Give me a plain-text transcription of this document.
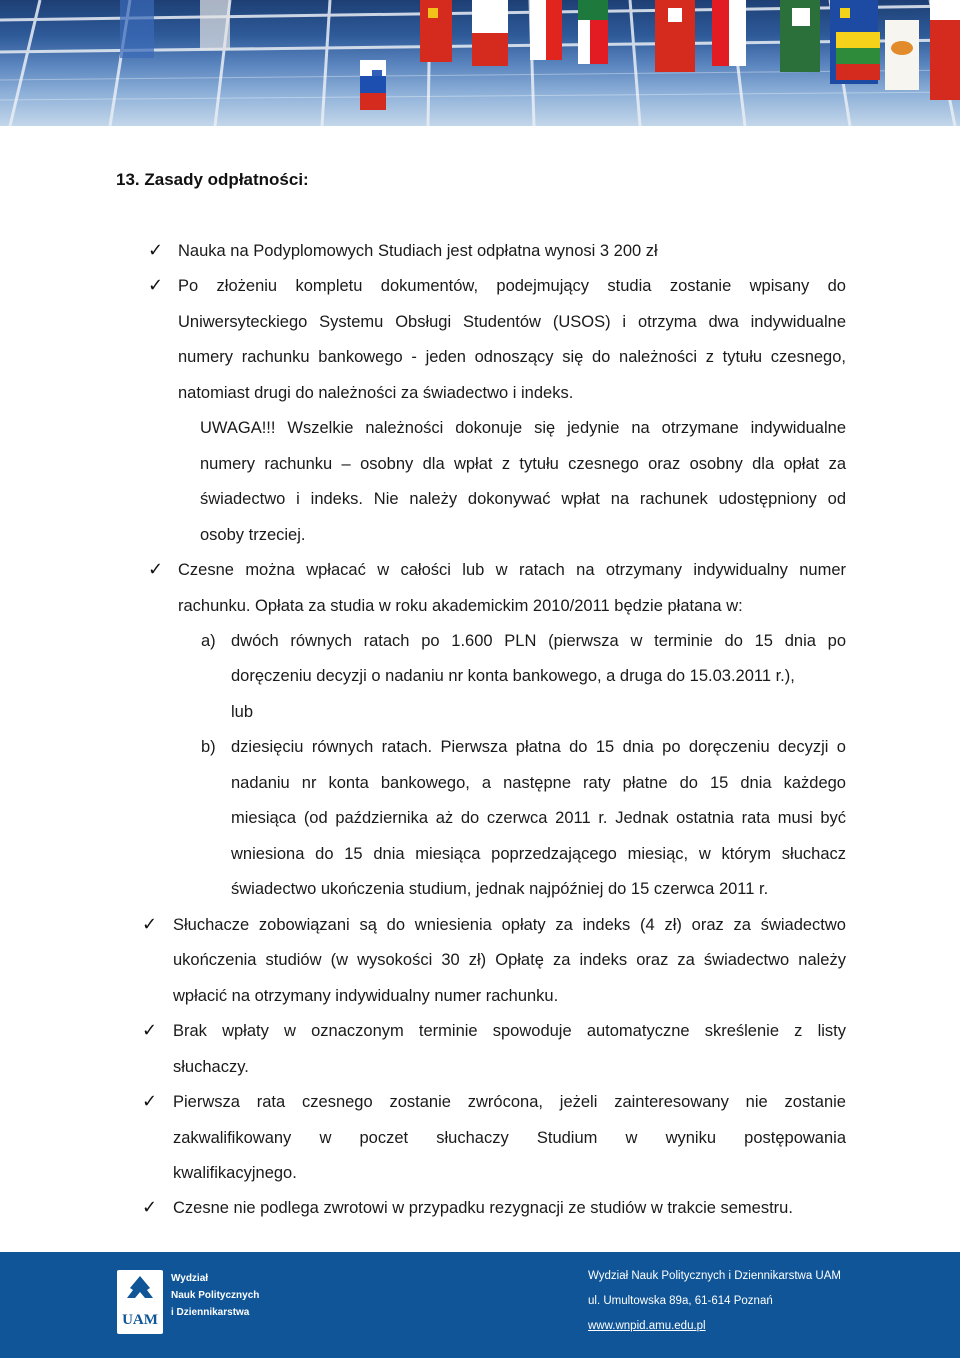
13. Zasady odpłatności:
✓ Nauka na Podyplomowych Studiach jest odpłatna wynosi 3 200 zł
✓ Po złożeniu kompletu dokumentów, podejmujący studia zostanie wpisany do
Uniwersyteckiego Systemu Obsługi Studentów (USOS) i otrzyma dwa indywidualne
numery rachunku bankowego - jeden odnoszący się do należności z tytułu czesnego,
natomiast drugi do należności za świadectwo i indeks.
UWAGA!!! Wszelkie należności dokonuje się jedynie na otrzymane indywidualne
numery rachunku – osobny dla wpłat z tytułu czesnego oraz osobny dla opłat za
świadectwo i indeks. Nie należy dokonywać wpłat na rachunek udostępniony od
osoby trzeciej.
✓ Czesne można wpłacać w całości lub w ratach na otrzymany indywidualny numer
rachunku. Opłata za studia w roku akademickim 2010/2011 będzie płatana w:
a) dwóch równych ratach po 1.600 PLN (pierwsza w terminie do 15 dnia po
doręczeniu decyzji o nadaniu nr konta bankowego, a druga do 15.03.2011 r.),
lub
b) dziesięciu równych ratach. Pierwsza płatna do 15 dnia po doręczeniu decyzji o
nadaniu nr konta bankowego, a następne raty płatne do 15 dnia każdego
miesiąca (od października aż do czerwca 2011 r. Jednak ostatnia rata musi być
wniesiona do 15 dnia miesiąca poprzedzającego miesiąc, w którym słuchacz
świadectwo ukończenia studium, jednak najpóźniej do 15 czerwca 2011 r.
✓ Słuchacze zobowiązani są do wniesienia opłaty za indeks (4 zł) oraz za świadectwo
ukończenia studiów (w wysokości 30 zł) Opłatę za indeks oraz za świadectwo należy
wpłacić na otrzymany indywidualny numer rachunku.
✓ Brak wpłaty w oznaczonym terminie spowoduje automatyczne skreślenie z listy
słuchaczy.
✓ Pierwsza rata czesnego zostanie zwrócona, jeżeli zainteresowany nie zostanie
zakwalifikowany w poczet słuchaczy Studium w wyniku postępowania
kwalifikacyjnego.
✓ Czesne nie podlega zwrotowi w przypadku rezygnacji ze studiów w trakcie semestru.
UAM
Wydział
Nauk Politycznych
i Dziennikarstwa
Wydział Nauk Politycznych i Dziennikarstwa UAM
ul. Umultowska 89a, 61-614 Poznań
www.wnpid.amu.edu.pl
